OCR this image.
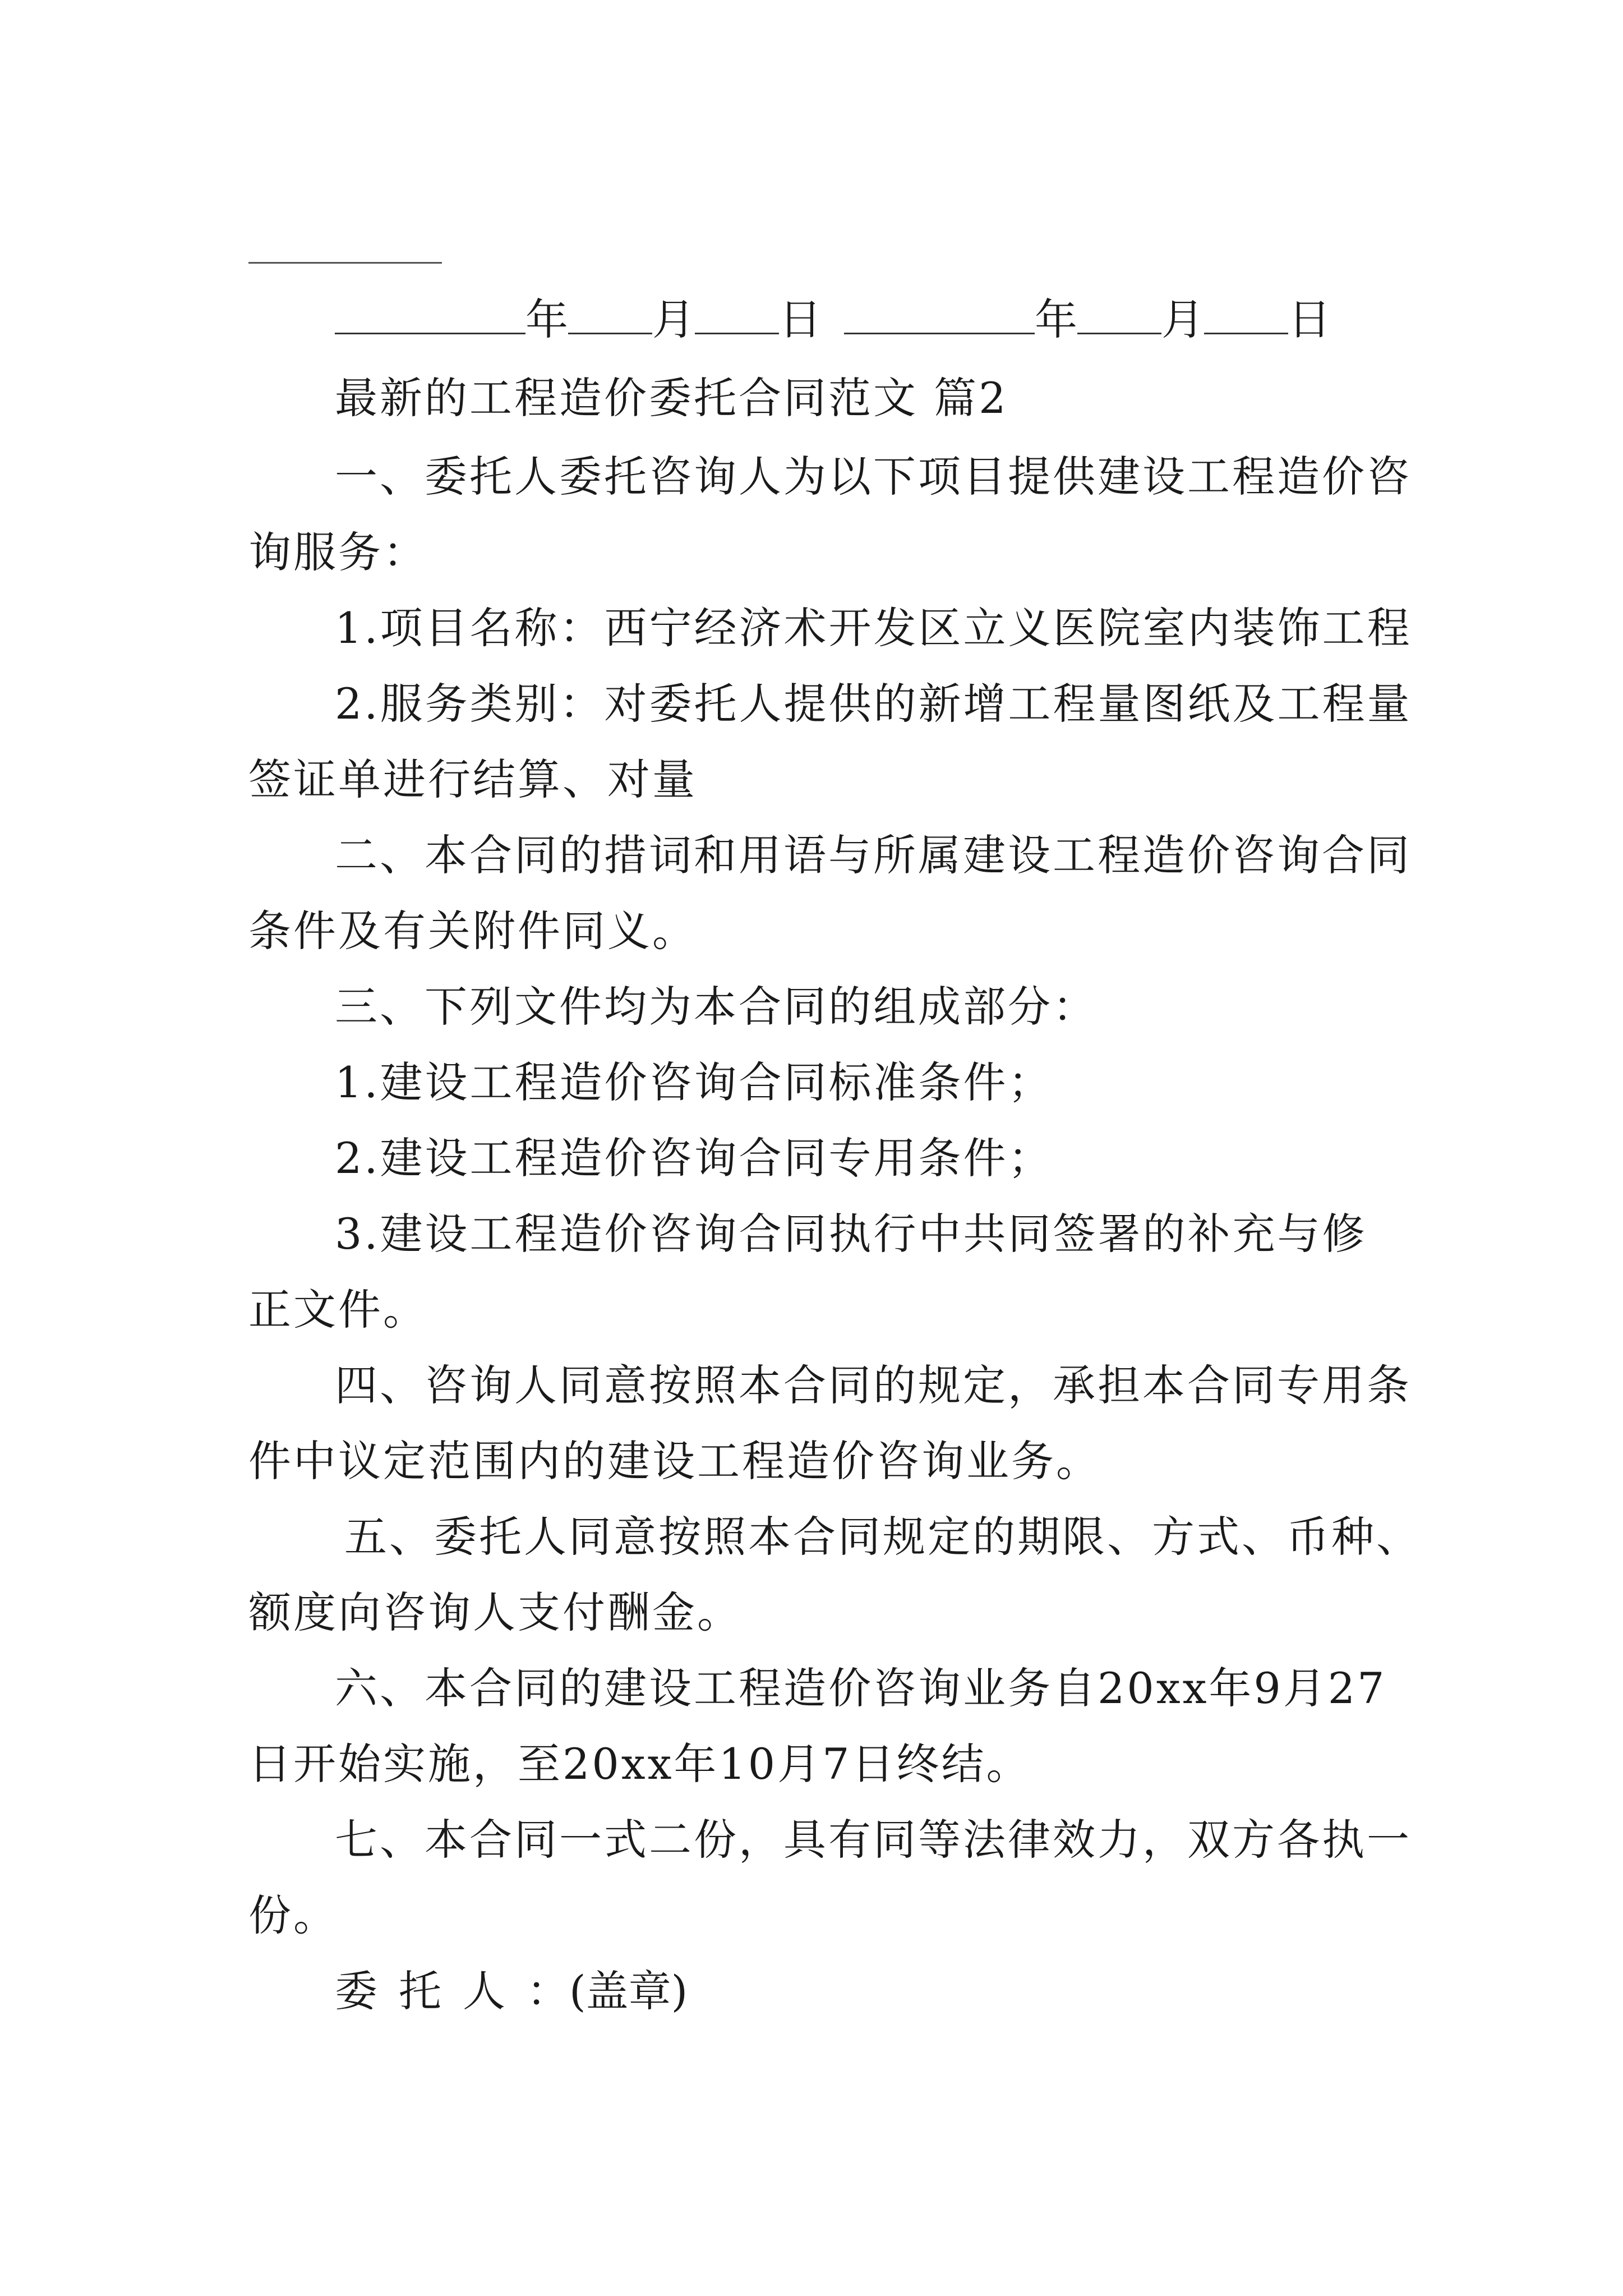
年 月 日	年 月 日
最新的工程造价委托合同范文 篇2
一、委托人委托咨询人为以下项目提供建设工程造价咨
询服务：
1.项目名称：西宁经济术开发区立义医院室内装饰工程
2.服务类别：对委托人提供的新增工程量图纸及工程量
签证单进行结算、对量
二、本合同的措词和用语与所属建设工程造价咨询合同
条件及有关附件同义。
三、下列文件均为本合同的组成部分：
1.建设工程造价咨询合同标准条件；
2.建设工程造价咨询合同专用条件；
3.建设工程造价咨询合同执行中共同签署的补充与修
正文件。
四、咨询人同意按照本合同的规定，承担本合同专用条
件中议定范围内的建设工程造价咨询业务。
五、委托人同意按照本合同规定的期限、方式、币种、
额度向咨询人支付酬金。
六、本合同的建设工程造价咨询业务自20xx年9月27
日开始实施，至20xx年10月7日终结。
七、本合同一式二份，具有同等法律效力，双方各执一
份。
委托人：(盖章)
